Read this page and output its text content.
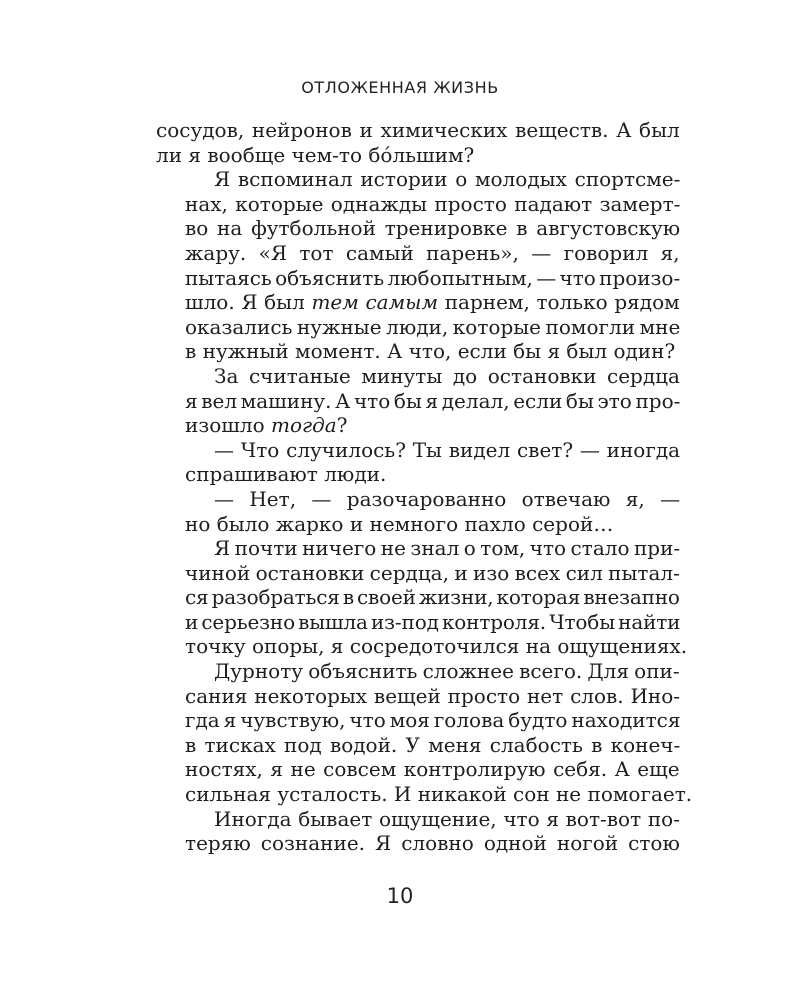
ОТЛОЖЕННАЯ ЖИЗНЬ

сосудов, нейронов и химических веществ. А был
ли я вообще чем-то бóльшим?

Я вспоминал истории о молодых спортсме-
нах, которые однажды просто падают замерт-
во на футбольной тренировке в августовскую
жару. «Я тот самый парень», — говорил я,
пытаясь объяснить любопытным, — что произо-
шло. Я был тем самым парнем, только рядом
оказались нужные люди, которые помогли мне
в нужный момент. А что, если бы я был один?

За считаные минуты до остановки сердца
я вел машину. А что бы я делал, если бы это про-
изошло тогда?

— Что случилось? Ты видел свет? — иногда
спрашивают люди.

— Нет, — разочарованно отвечаю я, —
но было жарко и немного пахло серой…

Я почти ничего не знал о том, что стало при-
чиной остановки сердца, и изо всех сил пытал-
ся разобраться в своей жизни, которая внезапно
и серьезно вышла из-под контроля. Чтобы найти
точку опоры, я сосредоточился на ощущениях.

Дурноту объяснить сложнее всего. Для опи-
сания некоторых вещей просто нет слов. Ино-
гда я чувствую, что моя голова будто находится
в тисках под водой. У меня слабость в конеч-
ностях, я не совсем контролирую себя. А еще
сильная усталость. И никакой сон не помогает.

Иногда бывает ощущение, что я вот-вот по-
теряю сознание. Я словно одной ногой стою

10
